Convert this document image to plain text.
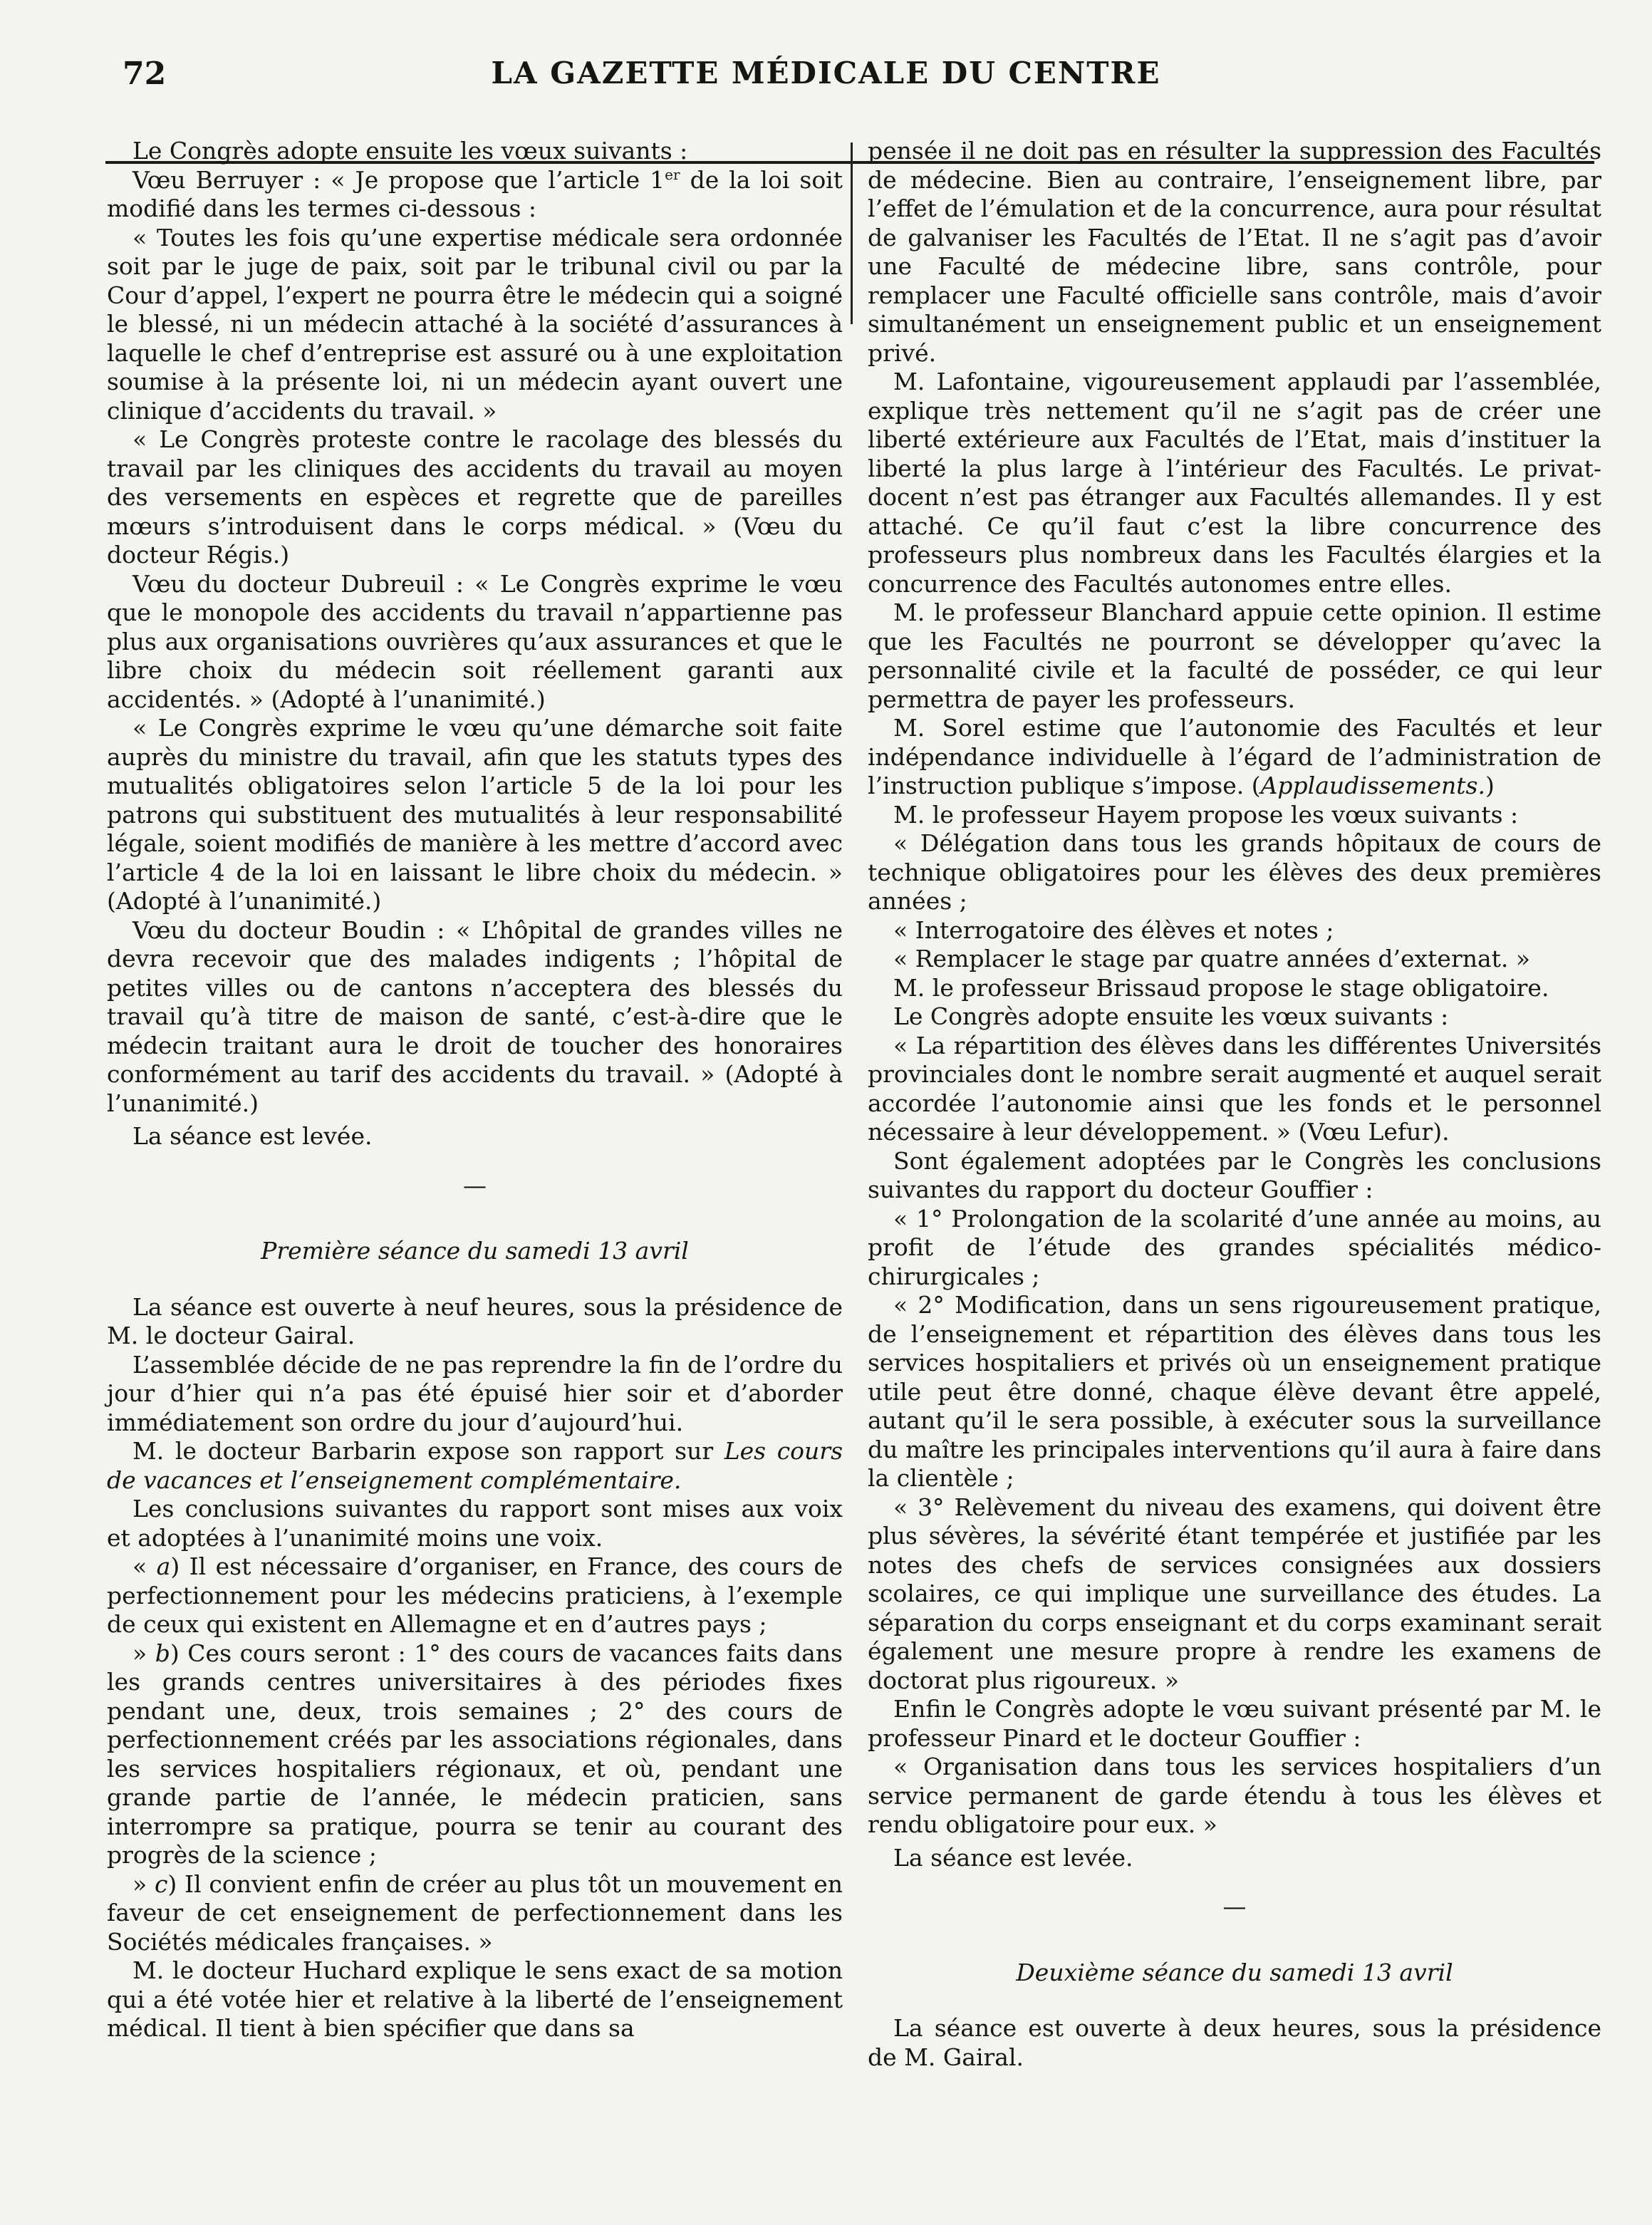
72	LA GAZETTE MÉDICALE DU CENTRE

Le Congrès adopte ensuite les vœux suivants :

Vœu Berruyer : « Je propose que l’article 1er de la loi soit modifié dans les termes ci-dessous :

« Toutes les fois qu’une expertise médicale sera ordonnée soit par le juge de paix, soit par le tribunal civil ou par la Cour d’appel, l’expert ne pourra être le médecin qui a soigné le blessé, ni un médecin attaché à la société d’assurances à laquelle le chef d’entreprise est assuré ou à une exploitation soumise à la présente loi, ni un médecin ayant ouvert une clinique d’accidents du travail. »

« Le Congrès proteste contre le racolage des blessés du travail par les cliniques des accidents du travail au moyen des versements en espèces et regrette que de pareilles mœurs s’introduisent dans le corps médical. » (Vœu du docteur Régis.)

Vœu du docteur Dubreuil : « Le Congrès exprime le vœu que le monopole des accidents du travail n’appartienne pas plus aux organisations ouvrières qu’aux assurances et que le libre choix du médecin soit réellement garanti aux accidentés. » (Adopté à l’unanimité.)

« Le Congrès exprime le vœu qu’une démarche soit faite auprès du ministre du travail, afin que les statuts types des mutualités obligatoires selon l’article 5 de la loi pour les patrons qui substituent des mutualités à leur responsabilité légale, soient modifiés de manière à les mettre d’accord avec l’article 4 de la loi en laissant le libre choix du médecin. » (Adopté à l’unanimité.)

Vœu du docteur Boudin : « L’hôpital de grandes villes ne devra recevoir que des malades indigents ; l’hôpital de petites villes ou de cantons n’acceptera des blessés du travail qu’à titre de maison de santé, c’est-à-dire que le médecin traitant aura le droit de toucher des honoraires conformément au tarif des accidents du travail. » (Adopté à l’unanimité.)

La séance est levée.

—

Première séance du samedi 13 avril

La séance est ouverte à neuf heures, sous la présidence de M. le docteur Gairal.

L’assemblée décide de ne pas reprendre la fin de l’ordre du jour d’hier qui n’a pas été épuisé hier soir et d’aborder immédiatement son ordre du jour d’aujourd’hui.

M. le docteur Barbarin expose son rapport sur Les cours de vacances et l’enseignement complémentaire.

Les conclusions suivantes du rapport sont mises aux voix et adoptées à l’unanimité moins une voix.

« a) Il est nécessaire d’organiser, en France, des cours de perfectionnement pour les médecins praticiens, à l’exemple de ceux qui existent en Allemagne et en d’autres pays ;

» b) Ces cours seront : 1° des cours de vacances faits dans les grands centres universitaires à des périodes fixes pendant une, deux, trois semaines ; 2° des cours de perfectionnement créés par les associations régionales, dans les services hospitaliers régionaux, et où, pendant une grande partie de l’année, le médecin praticien, sans interrompre sa pratique, pourra se tenir au courant des progrès de la science ;

» c) Il convient enfin de créer au plus tôt un mouvement en faveur de cet enseignement de perfectionnement dans les Sociétés médicales françaises. »

M. le docteur Huchard explique le sens exact de sa motion qui a été votée hier et relative à la liberté de l’enseignement médical. Il tient à bien spécifier que dans sa

pensée il ne doit pas en résulter la suppression des Facultés de médecine. Bien au contraire, l’enseignement libre, par l’effet de l’émulation et de la concurrence, aura pour résultat de galvaniser les Facultés de l’Etat. Il ne s’agit pas d’avoir une Faculté de médecine libre, sans contrôle, pour remplacer une Faculté officielle sans contrôle, mais d’avoir simultanément un enseignement public et un enseignement privé.

M. Lafontaine, vigoureusement applaudi par l’assemblée, explique très nettement qu’il ne s’agit pas de créer une liberté extérieure aux Facultés de l’Etat, mais d’instituer la liberté la plus large à l’intérieur des Facultés. Le privat-docent n’est pas étranger aux Facultés allemandes. Il y est attaché. Ce qu’il faut c’est la libre concurrence des professeurs plus nombreux dans les Facultés élargies et la concurrence des Facultés autonomes entre elles.

M. le professeur Blanchard appuie cette opinion. Il estime que les Facultés ne pourront se développer qu’avec la personnalité civile et la faculté de posséder, ce qui leur permettra de payer les professeurs.

M. Sorel estime que l’autonomie des Facultés et leur indépendance individuelle à l’égard de l’administration de l’instruction publique s’impose. (Applaudissements.)

M. le professeur Hayem propose les vœux suivants :

« Délégation dans tous les grands hôpitaux de cours de technique obligatoires pour les élèves des deux premières années ;

« Interrogatoire des élèves et notes ;

« Remplacer le stage par quatre années d’externat. »

M. le professeur Brissaud propose le stage obligatoire.

Le Congrès adopte ensuite les vœux suivants :

« La répartition des élèves dans les différentes Universités provinciales dont le nombre serait augmenté et auquel serait accordée l’autonomie ainsi que les fonds et le personnel nécessaire à leur développement. » (Vœu Lefur).

Sont également adoptées par le Congrès les conclusions suivantes du rapport du docteur Gouffier :

« 1° Prolongation de la scolarité d’une année au moins, au profit de l’étude des grandes spécialités médico-chirurgicales ;

« 2° Modification, dans un sens rigoureusement pratique, de l’enseignement et répartition des élèves dans tous les services hospitaliers et privés où un enseignement pratique utile peut être donné, chaque élève devant être appelé, autant qu’il le sera possible, à exécuter sous la surveillance du maître les principales interventions qu’il aura à faire dans la clientèle ;

« 3° Relèvement du niveau des examens, qui doivent être plus sévères, la sévérité étant tempérée et justifiée par les notes des chefs de services consignées aux dossiers scolaires, ce qui implique une surveillance des études. La séparation du corps enseignant et du corps examinant serait également une mesure propre à rendre les examens de doctorat plus rigoureux. »

Enfin le Congrès adopte le vœu suivant présenté par M. le professeur Pinard et le docteur Gouffier :

« Organisation dans tous les services hospitaliers d’un service permanent de garde étendu à tous les élèves et rendu obligatoire pour eux. »

La séance est levée.

—

Deuxième séance du samedi 13 avril

La séance est ouverte à deux heures, sous la présidence de M. Gairal.
